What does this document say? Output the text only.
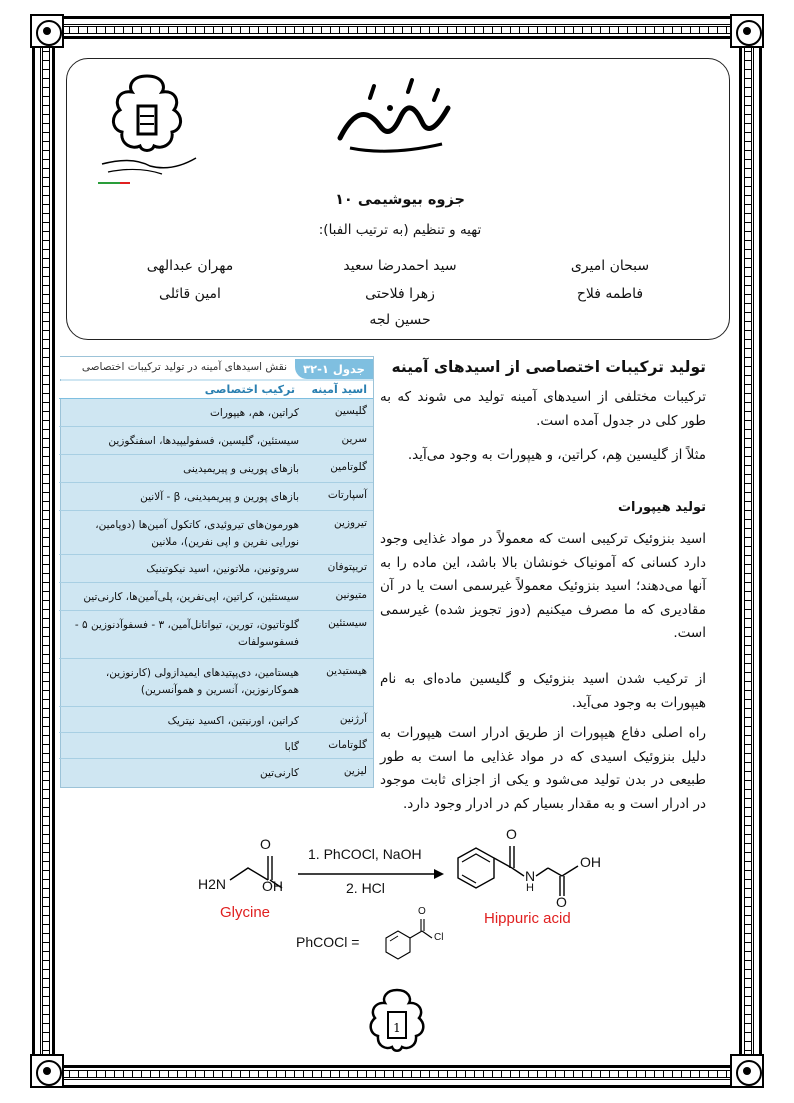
جزوه بیوشیمی ۱۰
تهیه و تنظیم (به ترتیب الفبا):
سبحان امیری
سید احمدرضا سعید
مهران عبدالهی
فاطمه فلاح
زهرا فلاحتی
امین قائلی
حسین لجه
جدول ۱-۳۲
نقش اسیدهای آمینه در تولید ترکیبات اختصاصی
اسید آمینه
ترکیب اختصاصی
گلیسین
کراتین، هم، هیپورات
سرین
سیستئین، گلیسین، فسفولیپیدها، اسفنگوزین
گلوتامین
بازهای پورینی و پیریمیدینی
آسپارتات
بازهای پورین و پیریمیدینی، β - آلانین
تیروزین
هورمون‌های تیروئیدی، کاتکول آمین‌ها (دوپامین، نورایی نفرین و اپی نفرین)، ملانین
تریپتوفان
سروتونین، ملاتونین، اسید نیکوتینیک
متیونین
سیستئین، کراتین، اپی‌نفرین، پلی‌آمین‌ها، کارنی‌تین
سیستئین
گلوتاتیون، تورین، تیواتانل‌آمین، ۳ - فسفوآدنوزین ۵ - فسفوسولفات
هیستیدین
هیستامین، دی‌پپتیدهای ایمیدازولی (کارنوزین، هموکارنوزین، آنسرین و هموآنسرین)
آرژنین
کراتین، اورنیتین، اکسید نیتریک
گلوتامات
گابا
لیزین
کارنی‌تین
تولید ترکیبات اختصاصی از اسیدهای آمینه
ترکیبات مختلفی از اسیدهای آمینه تولید می شوند که به طور کلی در جدول آمده است.
مثلاً از گلیسین هِم، کراتین، و هیپورات به وجود می‌آید.
تولید هیپورات
اسید بنزوئیک ترکیبی است که معمولاً در مواد غذایی وجود دارد کسانی که آمونیاک خونشان بالا باشد، این ماده را به آنها می‌دهند؛ اسید بنزوئیک معمولاً غیرسمی است یا در آن مقادیری که ما مصرف میکنیم (دوز تجویز شده) غیرسمی است.
از ترکیب شدن اسید بنزوئیک و گلیسین ماده‌ای به نام هیپورات به وجود می‌آید.
راه اصلی دفاع هیپورات از طریق ادرار است هیپورات به دلیل بنزوئیک اسیدی که در مواد غذایی ما است به طور طبیعی در بدن تولید می‌شود و یکی از اجزای ثابت موجود در ادرار است و به مقدار بسیار کم در ادرار وجود دارد.
O
H2N	OH
Glycine
1. PhCOCl, NaOH
2. HCl
O
N
H
O
OH
Hippuric acid
PhCOCl =
O
Cl
1
